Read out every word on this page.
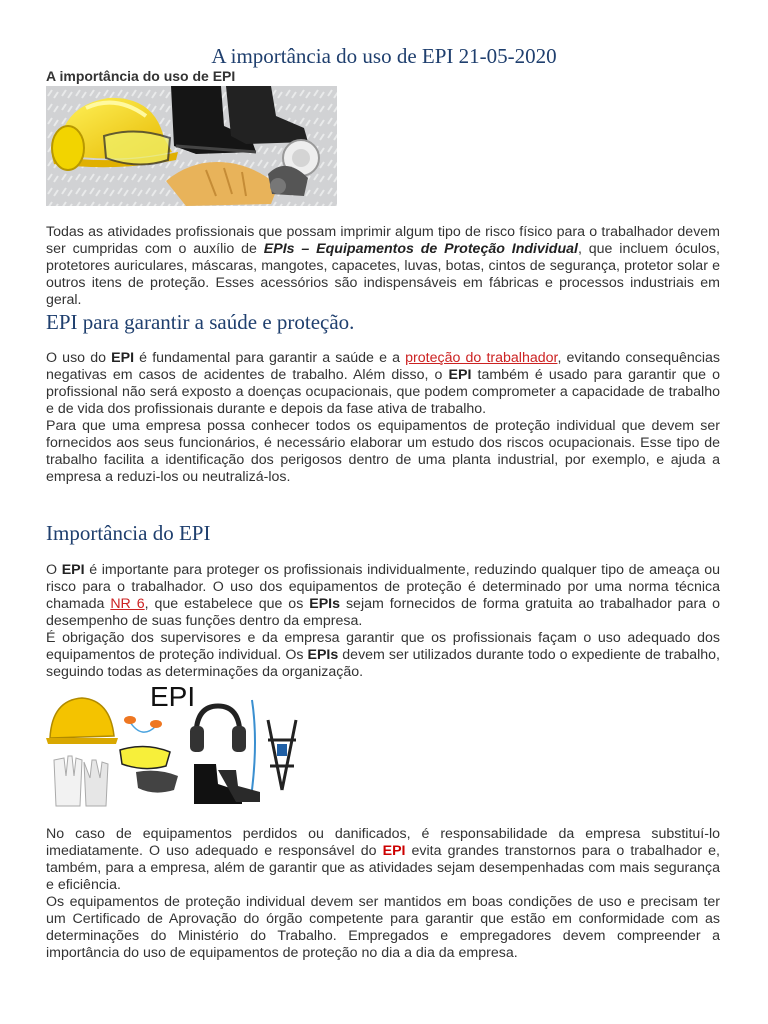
A importância do uso de EPI 21-05-2020
A importância do uso de EPI

Todas as atividades profissionais que possam imprimir algum tipo de risco físico para o trabalhador devem ser cumpridas com o auxílio de EPIs – Equipamentos de Proteção Individual, que incluem óculos, protetores auriculares, máscaras, mangotes, capacetes, luvas, botas, cintos de segurança, protetor solar e outros itens de proteção. Esses acessórios são indispensáveis em fábricas e processos industriais em geral.

EPI para garantir a saúde e proteção.

O uso do EPI é fundamental para garantir a saúde e a proteção do trabalhador, evitando consequências negativas em casos de acidentes de trabalho. Além disso, o EPI também é usado para garantir que o profissional não será exposto a doenças ocupacionais, que podem comprometer a capacidade de trabalho e de vida dos profissionais durante e depois da fase ativa de trabalho.

Para que uma empresa possa conhecer todos os equipamentos de proteção individual que devem ser fornecidos aos seus funcionários, é necessário elaborar um estudo dos riscos ocupacionais. Esse tipo de trabalho facilita a identificação dos perigosos dentro de uma planta industrial, por exemplo, e ajuda a empresa a reduzi-los ou neutralizá-los.

Importância do EPI

O EPI é importante para proteger os profissionais individualmente, reduzindo qualquer tipo de ameaça ou risco para o trabalhador. O uso dos equipamentos de proteção é determinado por uma norma técnica chamada NR 6, que estabelece que os EPIs sejam fornecidos de forma gratuita ao trabalhador para o desempenho de suas funções dentro da empresa.

É obrigação dos supervisores e da empresa garantir que os profissionais façam o uso adequado dos equipamentos de proteção individual. Os EPIs devem ser utilizados durante todo o expediente de trabalho, seguindo todas as determinações da organização.

EPI

No caso de equipamentos perdidos ou danificados, é responsabilidade da empresa substituí-lo imediatamente. O uso adequado e responsável do EPI evita grandes transtornos para o trabalhador e, também, para a empresa, além de garantir que as atividades sejam desempenhadas com mais segurança e eficiência.

Os equipamentos de proteção individual devem ser mantidos em boas condições de uso e precisam ter um Certificado de Aprovação do órgão competente para garantir que estão em conformidade com as determinações do Ministério do Trabalho. Empregados e empregadores devem compreender a importância do uso de equipamentos de proteção no dia a dia da empresa.
